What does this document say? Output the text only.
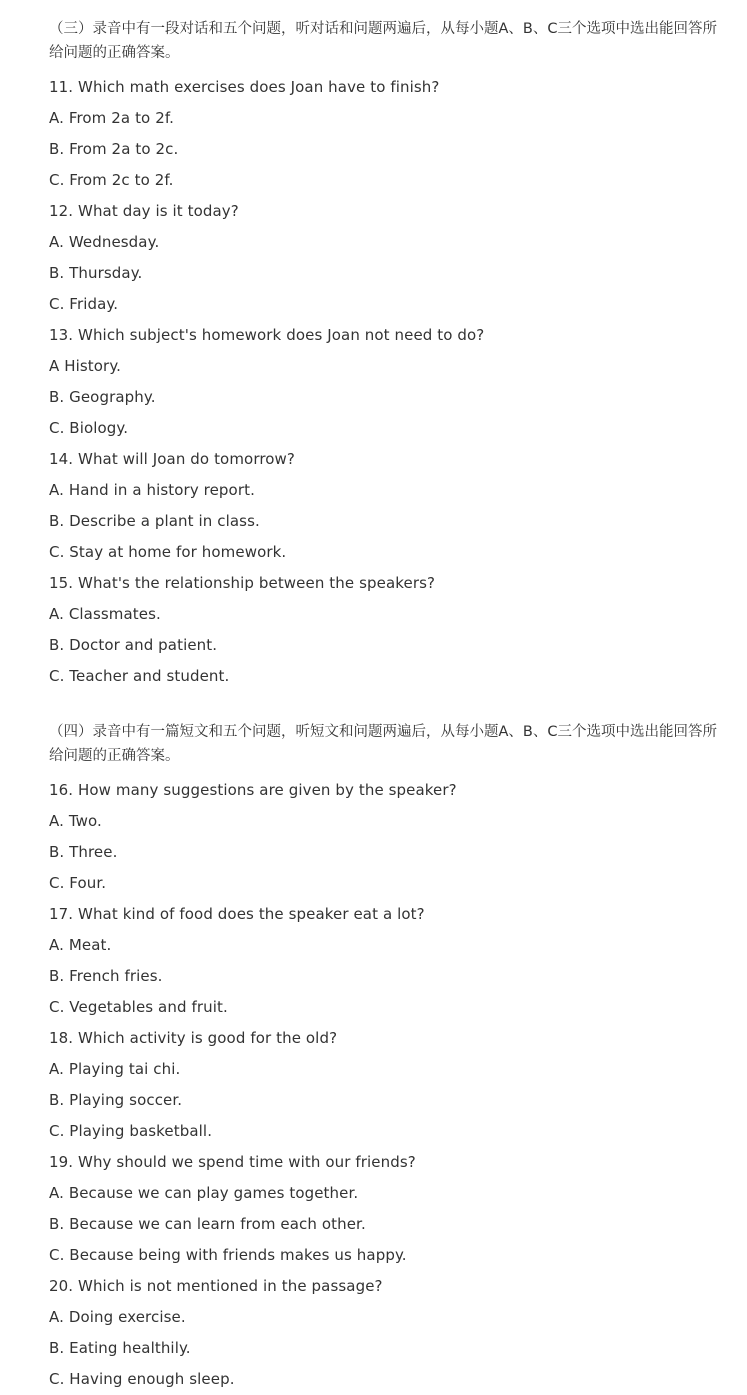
（三）录音中有一段对话和五个问题，听对话和问题两遍后，从每小题A、B、C三个选项中选出能回答所给问题的正确答案。
11. Which math exercises does Joan have to finish?
A. From 2a to 2f.
B. From 2a to 2c.
C. From 2c to 2f.
12. What day is it today?
A. Wednesday.
B. Thursday.
C. Friday.
13. Which subject's homework does Joan not need to do?
A History.
B. Geography.
C. Biology.
14. What will Joan do tomorrow?
A. Hand in a history report.
B. Describe a plant in class.
C. Stay at home for homework.
15. What's the relationship between the speakers?
A. Classmates.
B. Doctor and patient.
C. Teacher and student.
（四）录音中有一篇短文和五个问题，听短文和问题两遍后，从每小题A、B、C三个选项中选出能回答所给问题的正确答案。
16. How many suggestions are given by the speaker?
A. Two.
B. Three.
C. Four.
17. What kind of food does the speaker eat a lot?
A. Meat.
B. French fries.
C. Vegetables and fruit.
18. Which activity is good for the old?
A. Playing tai chi.
B. Playing soccer.
C. Playing basketball.
19. Why should we spend time with our friends?
A. Because we can play games together.
B. Because we can learn from each other.
C. Because being with friends makes us happy.
20. Which is not mentioned in the passage?
A. Doing exercise.
B. Eating healthily.
C. Having enough sleep.
